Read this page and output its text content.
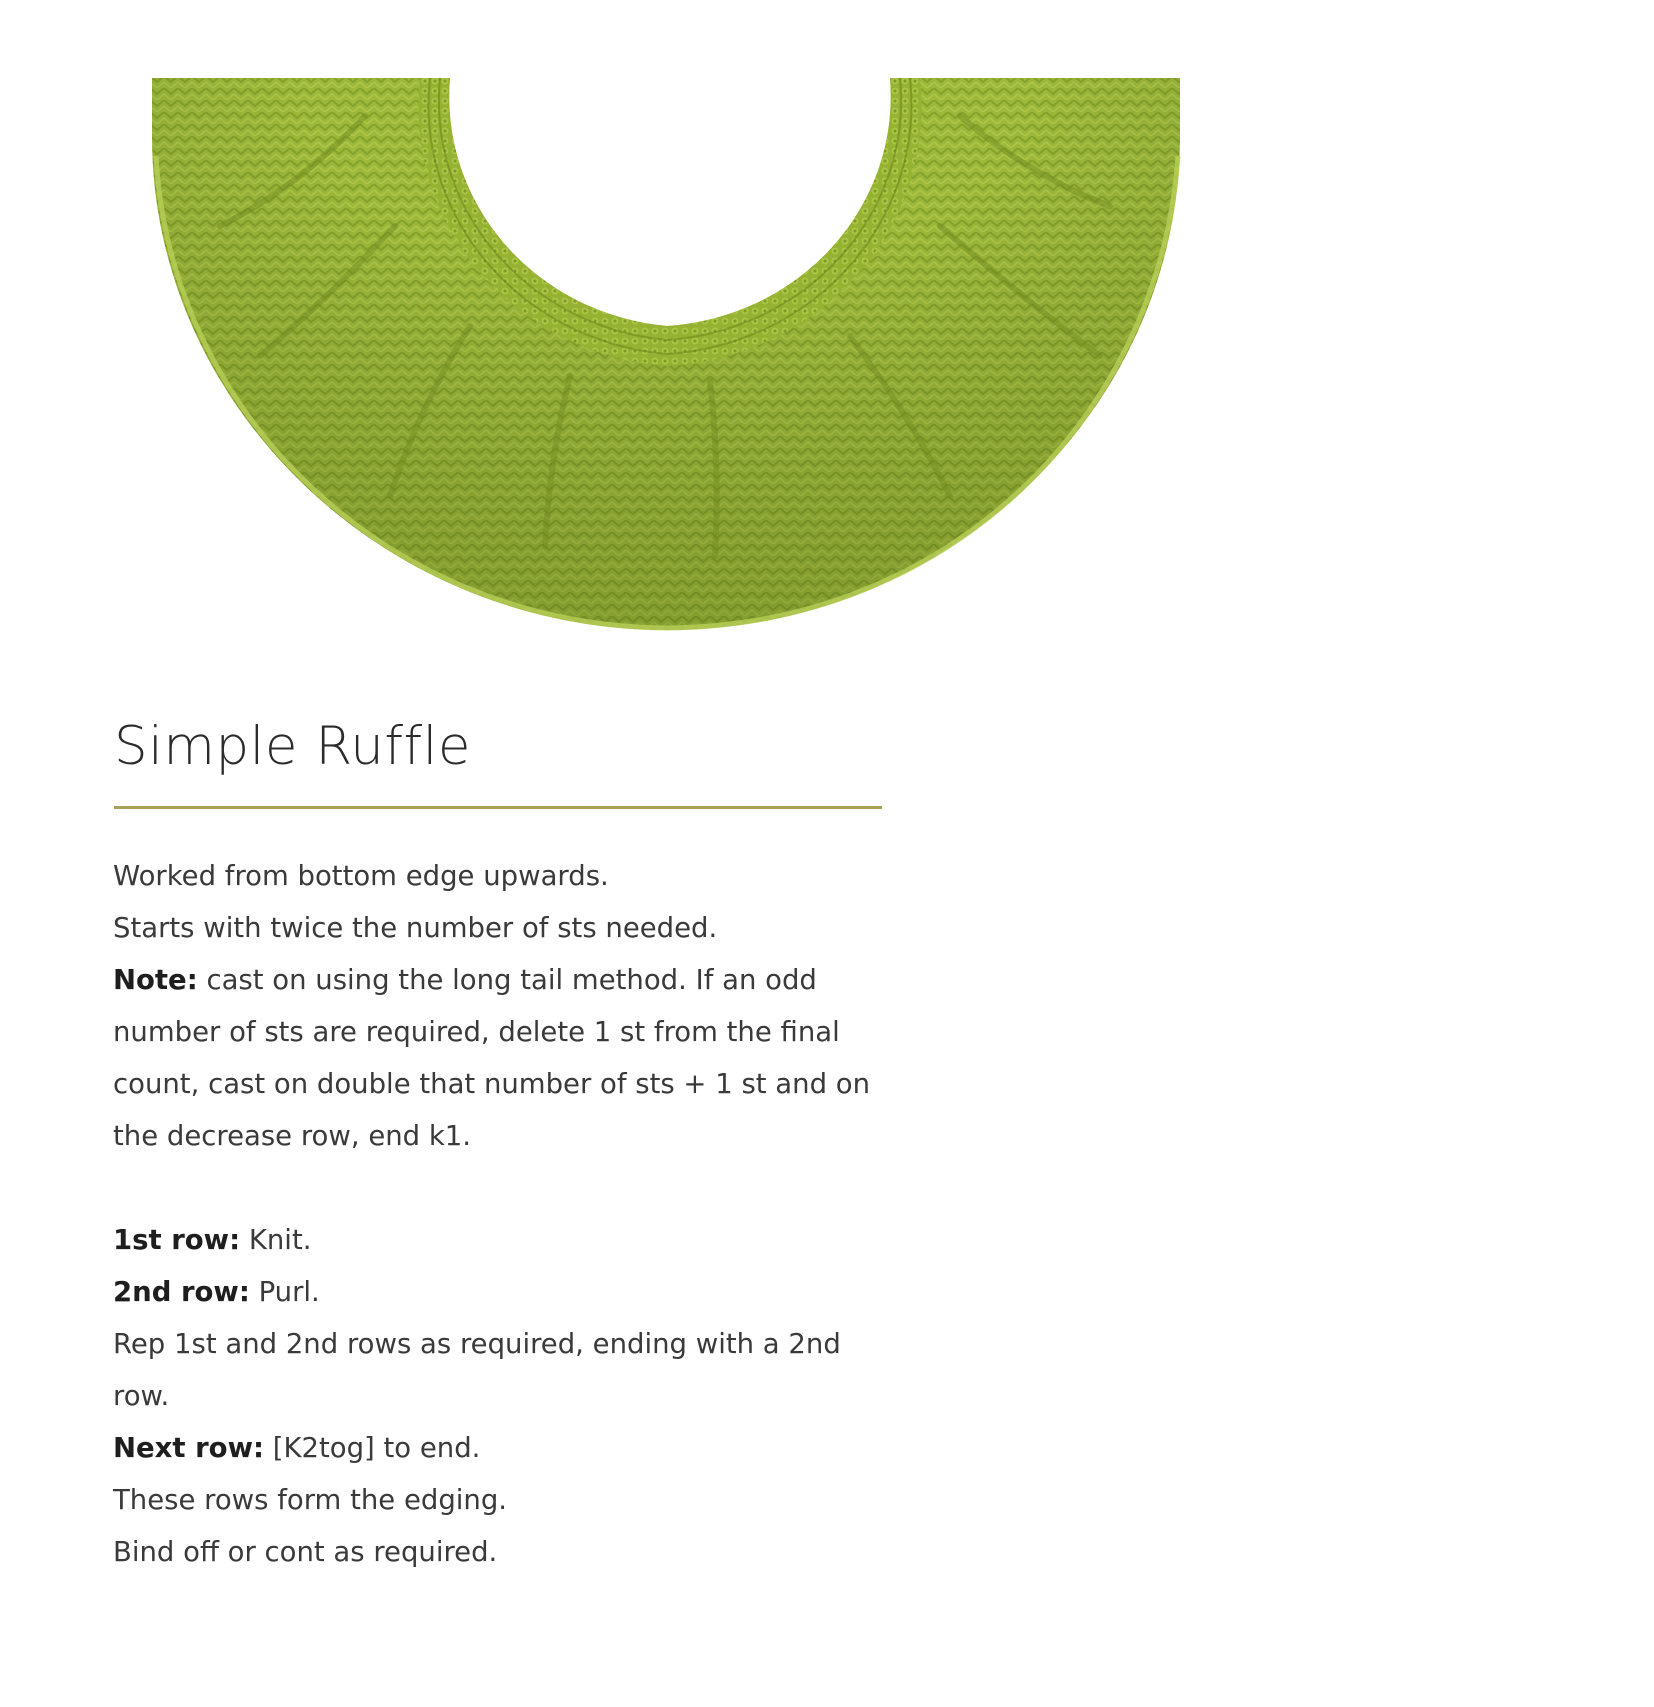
Simple Ruffle

Worked from bottom edge upwards.

Starts with twice the number of sts needed.

Note: cast on using the long tail method. If an odd

number of sts are required, delete 1 st from the final

count, cast on double that number of sts + 1 st and on

the decrease row, end k1.

1st row: Knit.

2nd row: Purl.

Rep 1st and 2nd rows as required, ending with a 2nd row.

Next row: [K2tog] to end.

These rows form the edging.

Bind off or cont as required.
